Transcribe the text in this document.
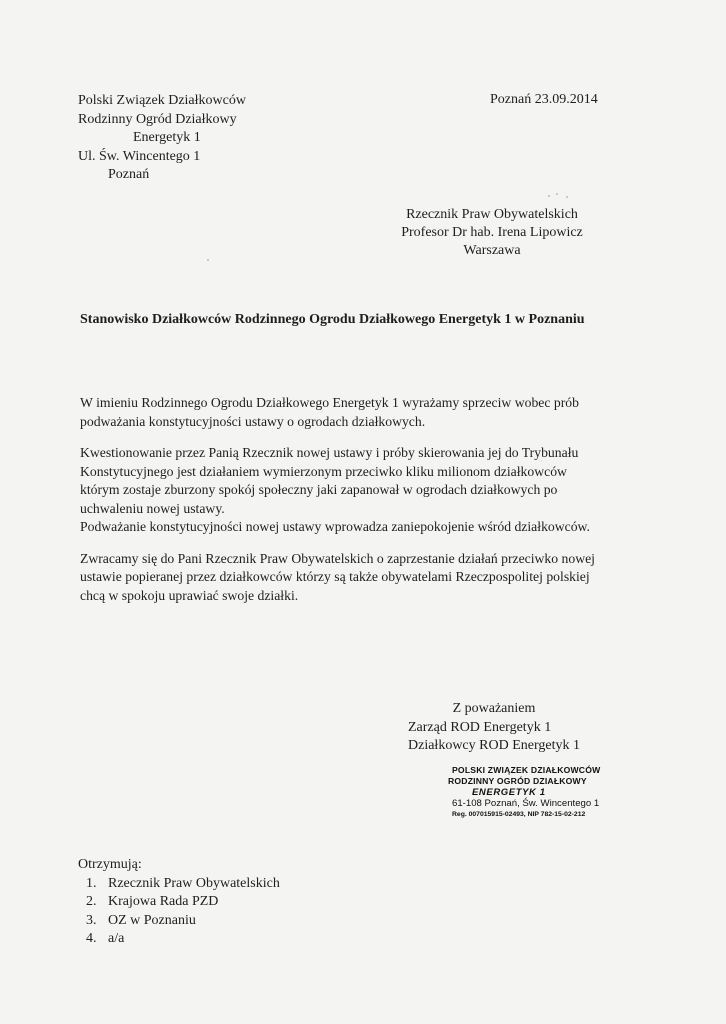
Polski Związek Działkowców
Rodzinny Ogród Działkowy
Energetyk 1
Ul. Św. Wincentego 1
Poznań
Poznań 23.09.2014
Rzecznik Praw Obywatelskich
Profesor Dr hab. Irena Lipowicz
Warszawa
Stanowisko Działkowców Rodzinnego Ogrodu Działkowego Energetyk 1 w Poznaniu

W imieniu Rodzinnego Ogrodu Działkowego Energetyk 1 wyrażamy sprzeciw wobec prób
podważania konstytucyjności ustawy o ogrodach działkowych.

Kwestionowanie przez Panią Rzecznik nowej ustawy i próby skierowania jej do Trybunału
Konstytucyjnego jest działaniem wymierzonym przeciwko kliku milionom działkowców
którym zostaje zburzony spokój społeczny jaki zapanował w ogrodach działkowych po
uchwaleniu nowej ustawy.
Podważanie konstytucyjności nowej ustawy wprowadza zaniepokojenie wśród działkowców.

Zwracamy się do Pani Rzecznik Praw Obywatelskich o zaprzestanie działań przeciwko nowej
ustawie popieranej przez działkowców którzy są także obywatelami Rzeczpospolitej polskiej
chcą w spokoju uprawiać swoje działki.

Z poważaniem
Zarząd ROD Energetyk 1
Działkowcy ROD Energetyk 1
POLSKI ZWIĄZEK DZIAŁKOWCÓW
RODZINNY OGRÓD DZIAŁKOWY
ENERGETYK 1
61-108 Poznań, Św. Wincentego 1
Reg. 007015915-02493, NIP 782-15-02-212
Otrzymują:
1. Rzecznik Praw Obywatelskich
2. Krajowa Rada PZD
3. OZ w Poznaniu
4. a/a
